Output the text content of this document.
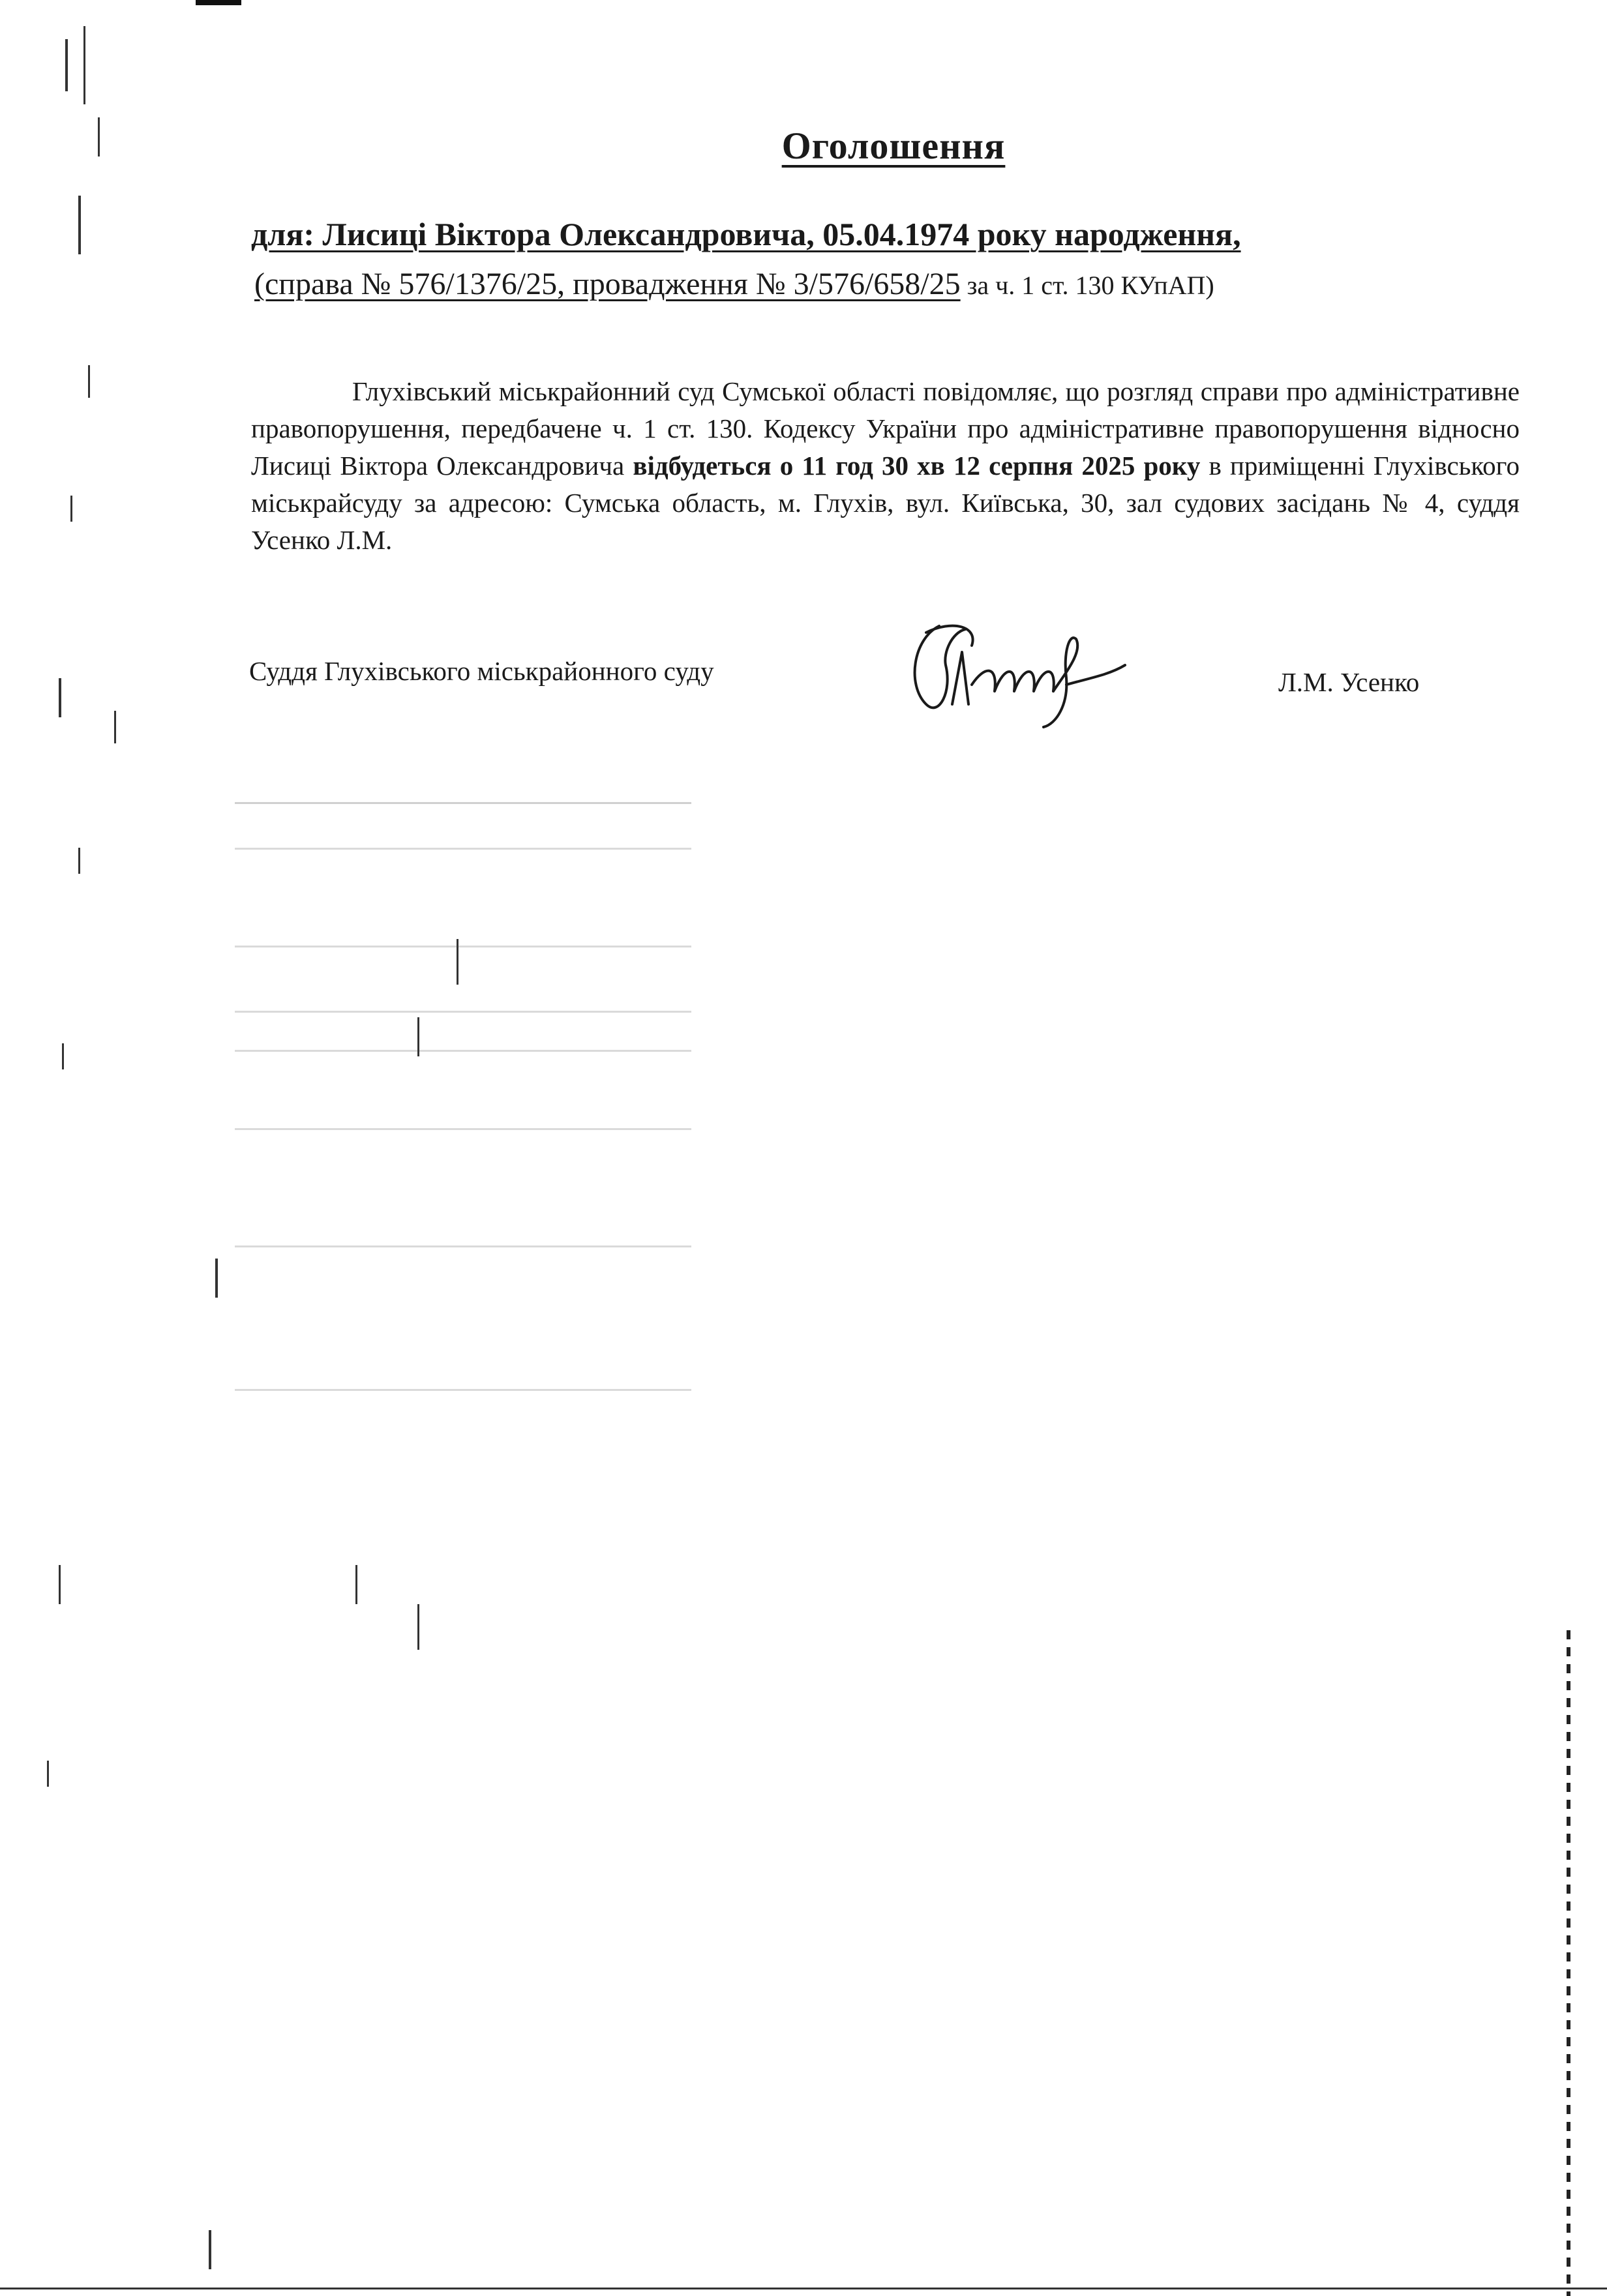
Оголошення
для: Лисиці Віктора Олександровича, 05.04.1974 року народження,
(справа № 576/1376/25, провадження № 3/576/658/25 за ч. 1 ст. 130 КУпАП)
Глухівський міськрайонний суд Сумської області повідомляє, що розгляд справи про адміністративне правопорушення, передбачене ч. 1 ст. 130. Кодексу України про адміністративне правопорушення відносно Лисиці Віктора Олександровича відбудеться о 11 год 30 хв 12 серпня 2025 року в приміщенні Глухівського міськрайсуду за адресою: Сумська область, м. Глухів, вул. Київська, 30, зал судових засідань № 4, суддя Усенко Л.М.
Суддя Глухівського міськрайонного суду	Л.М. Усенко
